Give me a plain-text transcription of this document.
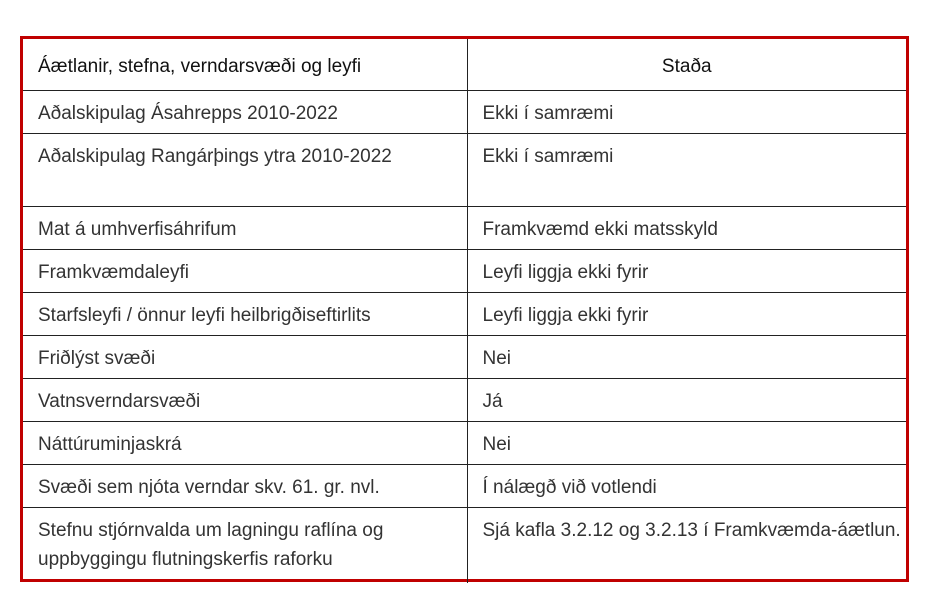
Áætlanir, stefna, verndarsvæði og leyfi	Staða
Aðalskipulag Ásahrepps 2010-2022	Ekki í samræmi
Aðalskipulag Rangárþings ytra 2010-2022	Ekki í samræmi
Mat á umhverfisáhrifum	Framkvæmd ekki matsskyld
Framkvæmdaleyfi	Leyfi liggja ekki fyrir
Starfsleyfi / önnur leyfi heilbrigðiseftirlits	Leyfi liggja ekki fyrir
Friðlýst svæði	Nei
Vatnsverndarsvæði	Já
Náttúruminjaskrá	Nei
Svæði sem njóta verndar skv. 61. gr. nvl.	Í nálægð við votlendi
Stefnu stjórnvalda um lagningu raflína og uppbyggingu flutningskerfis raforku	Sjá kafla 3.2.12 og 3.2.13 í Framkvæmda-áætlun.
